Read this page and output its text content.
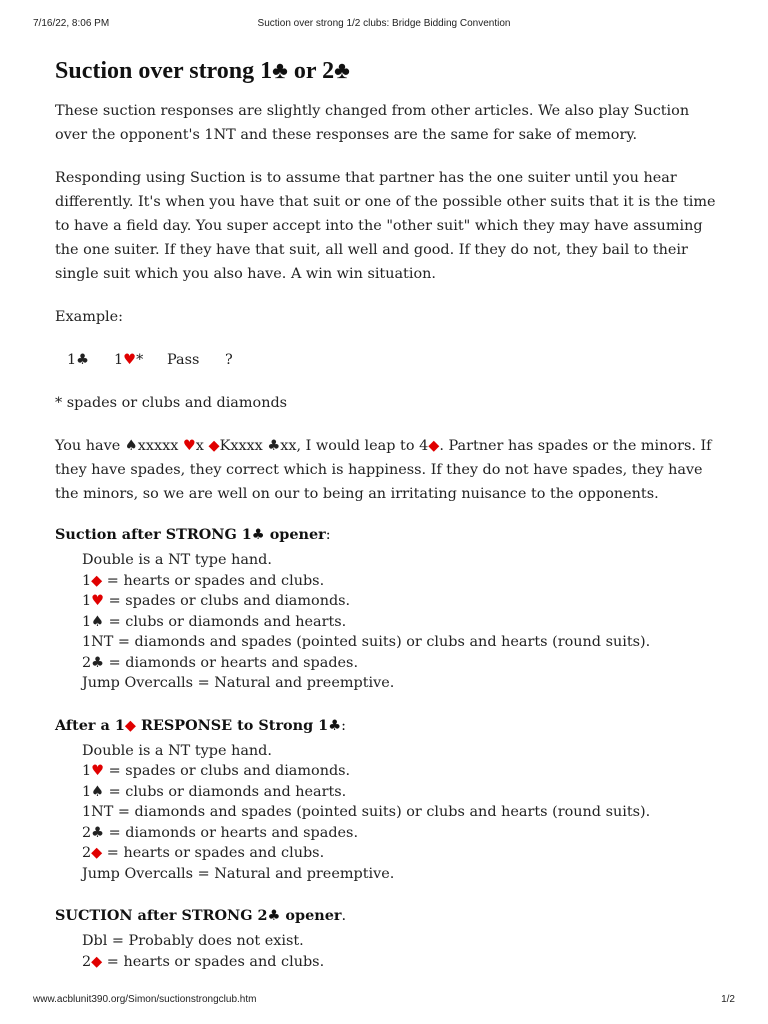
7/16/22, 8:06 PM	Suction over strong 1/2 clubs: Bridge Bidding Convention
Suction over strong 1♣ or 2♣

These suction responses are slightly changed from other articles. We also play Suction over the opponent's 1NT and these responses are the same for sake of memory.

Responding using Suction is to assume that partner has the one suiter until you hear differently. It's when you have that suit or one of the possible other suits that it is the time to have a field day. You super accept into the "other suit" which they may have assuming the one suiter. If they have that suit, all well and good. If they do not, they bail to their single suit which you also have. A win win situation.

Example:

1♣ 1♥* Pass ?

* spades or clubs and diamonds

You have ♠xxxxx ♥x ◆Kxxxx ♣xx, I would leap to 4◆. Partner has spades or the minors. If they have spades, they correct which is happiness. If they do not have spades, they have the minors, so we are well on our to being an irritating nuisance to the opponents.

Suction after STRONG 1♣ opener:
Double is a NT type hand.
1◆ = hearts or spades and clubs.
1♥ = spades or clubs and diamonds.
1♠ = clubs or diamonds and hearts.
1NT = diamonds and spades (pointed suits) or clubs and hearts (round suits).
2♣ = diamonds or hearts and spades.
Jump Overcalls = Natural and preemptive.
After a 1◆ RESPONSE to Strong 1♣:
Double is a NT type hand.
1♥ = spades or clubs and diamonds.
1♠ = clubs or diamonds and hearts.
1NT = diamonds and spades (pointed suits) or clubs and hearts (round suits).
2♣ = diamonds or hearts and spades.
2◆ = hearts or spades and clubs.
Jump Overcalls = Natural and preemptive.
SUCTION after STRONG 2♣ opener.
Dbl = Probably does not exist.
2◆ = hearts or spades and clubs.
www.acblunit390.org/Simon/suctionstrongclub.htm	1/2
